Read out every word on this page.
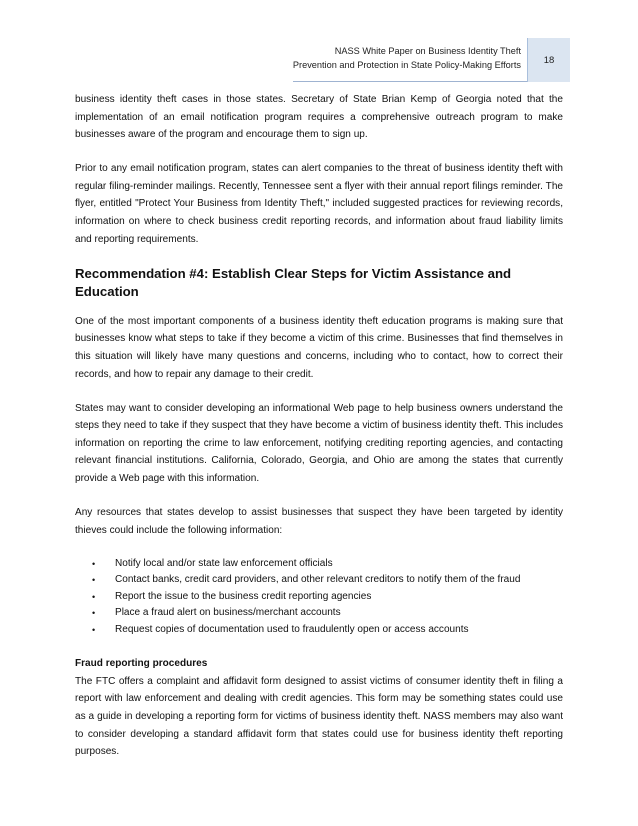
NASS White Paper on Business Identity Theft
Prevention and Protection in State Policy-Making Efforts 18

business identity theft cases in those states. Secretary of State Brian Kemp of Georgia noted that the implementation of an email notification program requires a comprehensive outreach program to make businesses aware of the program and encourage them to sign up.

Prior to any email notification program, states can alert companies to the threat of business identity theft with regular filing-reminder mailings. Recently, Tennessee sent a flyer with their annual report filings reminder. The flyer, entitled "Protect Your Business from Identity Theft," included suggested practices for reviewing records, information on where to check business credit reporting records, and information about fraud liability limits and reporting requirements.

Recommendation #4: Establish Clear Steps for Victim Assistance and Education

One of the most important components of a business identity theft education programs is making sure that businesses know what steps to take if they become a victim of this crime. Businesses that find themselves in this situation will likely have many questions and concerns, including who to contact, how to correct their records, and how to repair any damage to their credit.

States may want to consider developing an informational Web page to help business owners understand the steps they need to take if they suspect that they have become a victim of business identity theft. This includes information on reporting the crime to law enforcement, notifying crediting reporting agencies, and contacting relevant financial institutions. California, Colorado, Georgia, and Ohio are among the states that currently provide a Web page with this information.

Any resources that states develop to assist businesses that suspect they have been targeted by identity thieves could include the following information:

• Notify local and/or state law enforcement officials
• Contact banks, credit card providers, and other relevant creditors to notify them of the fraud
• Report the issue to the business credit reporting agencies
• Place a fraud alert on business/merchant accounts
• Request copies of documentation used to fraudulently open or access accounts
Fraud reporting procedures

The FTC offers a complaint and affidavit form designed to assist victims of consumer identity theft in filing a report with law enforcement and dealing with credit agencies. This form may be something states could use as a guide in developing a reporting form for victims of business identity theft. NASS members may also want to consider developing a standard affidavit form that states could use for business identity theft reporting purposes.
